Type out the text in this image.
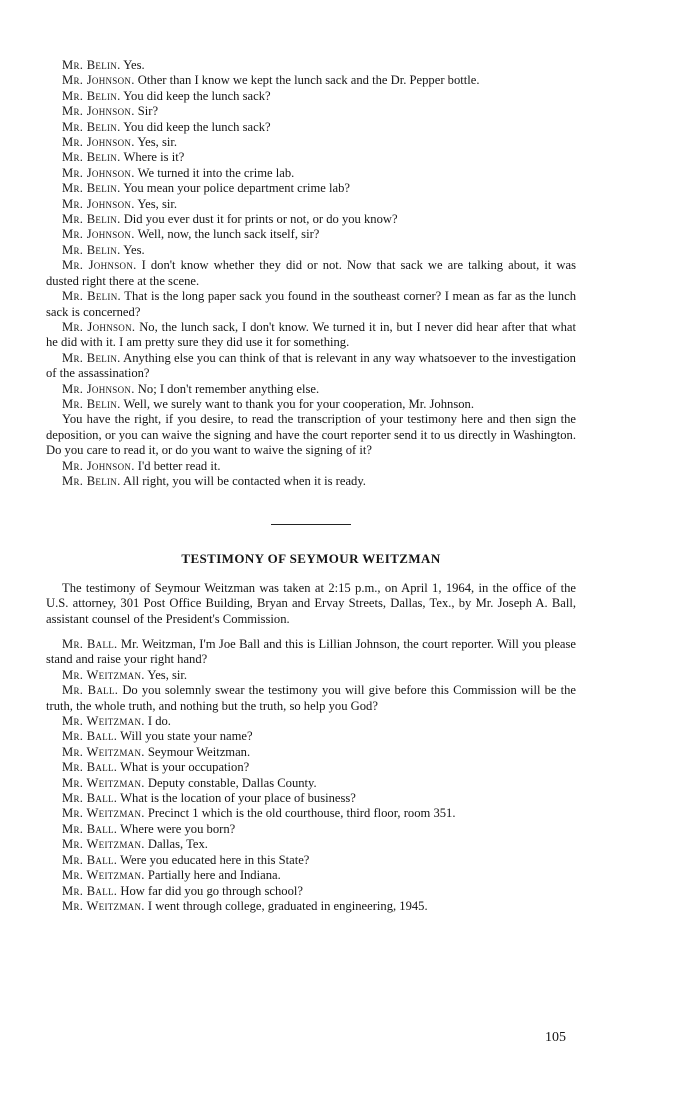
Mr. Belin. Yes.

Mr. Johnson. Other than I know we kept the lunch sack and the Dr. Pepper bottle.

Mr. Belin. You did keep the lunch sack?

Mr. Johnson. Sir?

Mr. Belin. You did keep the lunch sack?

Mr. Johnson. Yes, sir.

Mr. Belin. Where is it?

Mr. Johnson. We turned it into the crime lab.

Mr. Belin. You mean your police department crime lab?

Mr. Johnson. Yes, sir.

Mr. Belin. Did you ever dust it for prints or not, or do you know?

Mr. Johnson. Well, now, the lunch sack itself, sir?

Mr. Belin. Yes.

Mr. Johnson. I don't know whether they did or not. Now that sack we are talking about, it was dusted right there at the scene.

Mr. Belin. That is the long paper sack you found in the southeast corner? I mean as far as the lunch sack is concerned?

Mr. Johnson. No, the lunch sack, I don't know. We turned it in, but I never did hear after that what he did with it. I am pretty sure they did use it for something.

Mr. Belin. Anything else you can think of that is relevant in any way whatsoever to the investigation of the assassination?

Mr. Johnson. No; I don't remember anything else.

Mr. Belin. Well, we surely want to thank you for your cooperation, Mr. Johnson.

You have the right, if you desire, to read the transcription of your testimony here and then sign the deposition, or you can waive the signing and have the court reporter send it to us directly in Washington. Do you care to read it, or do you want to waive the signing of it?

Mr. Johnson. I'd better read it.

Mr. Belin. All right, you will be contacted when it is ready.

TESTIMONY OF SEYMOUR WEITZMAN

The testimony of Seymour Weitzman was taken at 2:15 p.m., on April 1, 1964, in the office of the U.S. attorney, 301 Post Office Building, Bryan and Ervay Streets, Dallas, Tex., by Mr. Joseph A. Ball, assistant counsel of the President's Commission.

Mr. Ball. Mr. Weitzman, I'm Joe Ball and this is Lillian Johnson, the court reporter. Will you please stand and raise your right hand?

Mr. Weitzman. Yes, sir.

Mr. Ball. Do you solemnly swear the testimony you will give before this Commission will be the truth, the whole truth, and nothing but the truth, so help you God?

Mr. Weitzman. I do.

Mr. Ball. Will you state your name?

Mr. Weitzman. Seymour Weitzman.

Mr. Ball. What is your occupation?

Mr. Weitzman. Deputy constable, Dallas County.

Mr. Ball. What is the location of your place of business?

Mr. Weitzman. Precinct 1 which is the old courthouse, third floor, room 351.

Mr. Ball. Where were you born?

Mr. Weitzman. Dallas, Tex.

Mr. Ball. Were you educated here in this State?

Mr. Weitzman. Partially here and Indiana.

Mr. Ball. How far did you go through school?

Mr. Weitzman. I went through college, graduated in engineering, 1945.

105
